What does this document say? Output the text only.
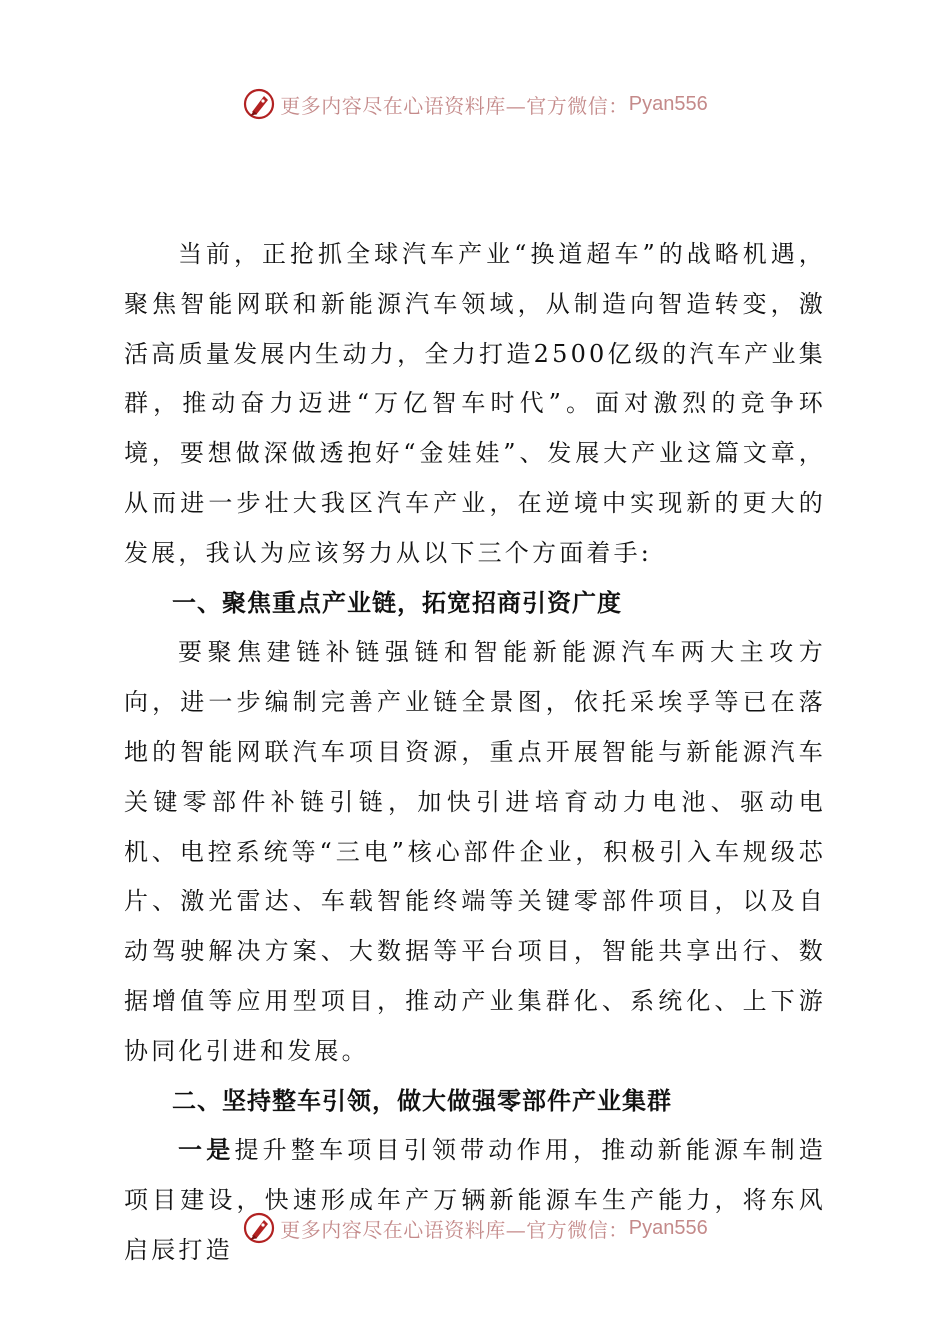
更多内容尽在心语资料库—官方微信： Pyan556

当前，正抢抓全球汽车产业“换道超车”的战略机遇，聚焦智能网联和新能源汽车领域，从制造向智造转变，激活高质量发展内生动力，全力打造2500亿级的汽车产业集群，推动奋力迈进“万亿智车时代”。面对激烈的竞争环境，要想做深做透抱好“金娃娃”、发展大产业这篇文章，从而进一步壮大我区汽车产业，在逆境中实现新的更大的发展，我认为应该努力从以下三个方面着手:

一、聚焦重点产业链，拓宽招商引资广度

要聚焦建链补链强链和智能新能源汽车两大主攻方向，进一步编制完善产业链全景图，依托采埃孚等已在落地的智能网联汽车项目资源，重点开展智能与新能源汽车关键零部件补链引链，加快引进培育动力电池、驱动电机、电控系统等“三电”核心部件企业，积极引入车规级芯片、激光雷达、车载智能终端等关键零部件项目，以及自动驾驶解决方案、大数据等平台项目，智能共享出行、数据增值等应用型项目，推动产业集群化、系统化、上下游协同化引进和发展。

二、坚持整车引领，做大做强零部件产业集群

一是提升整车项目引领带动作用，推动新能源车制造项目建设，快速形成年产万辆新能源车生产能力，将东风启辰打造

更多内容尽在心语资料库—官方微信： Pyan556
